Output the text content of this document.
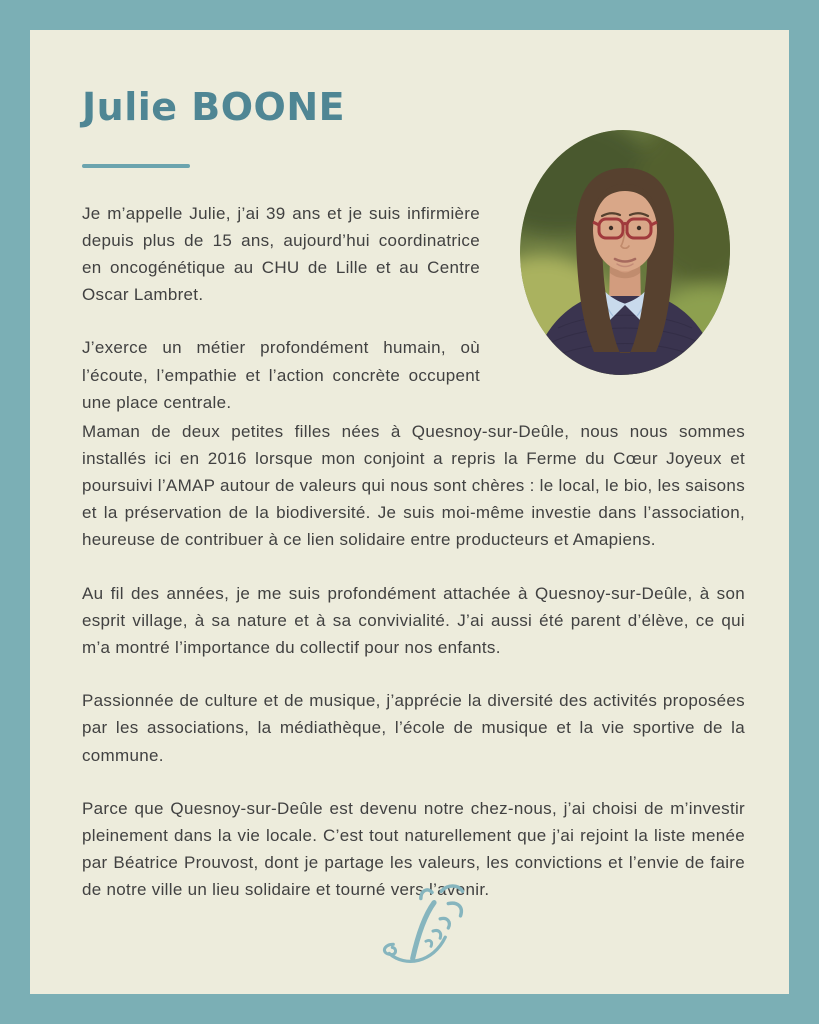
Julie BOONE

Je m’appelle Julie, j’ai 39 ans et je suis infirmière depuis plus de 15 ans, aujourd’hui coordinatrice en oncogénétique au CHU de Lille et au Centre Oscar Lambret.

J’exerce un métier profondément humain, où l’écoute, l’empathie et l’action concrète occupent une place centrale.

Maman de deux petites filles nées à Quesnoy-sur-Deûle, nous nous sommes installés ici en 2016 lorsque mon conjoint a repris la Ferme du Cœur Joyeux et poursuivi l’AMAP autour de valeurs qui nous sont chères : le local, le bio, les saisons et la préservation de la biodiversité. Je suis moi-même investie dans l’association, heureuse de contribuer à ce lien solidaire entre producteurs et Amapiens.

Au fil des années, je me suis profondément attachée à Quesnoy-sur-Deûle, à son esprit village, à sa nature et à sa convivialité. J’ai aussi été parent d’élève, ce qui m’a montré l’importance du collectif pour nos enfants.

Passionnée de culture et de musique, j’apprécie la diversité des activités proposées par les associations, la médiathèque, l’école de musique et la vie sportive de la commune.

Parce que Quesnoy-sur-Deûle est devenu notre chez-nous, j’ai choisi de m’investir pleinement dans la vie locale. C’est tout naturellement que j’ai rejoint la liste menée par Béatrice Prouvost, dont je partage les valeurs, les convictions et l’envie de faire de notre ville un lieu solidaire et tourné vers l’avenir.
